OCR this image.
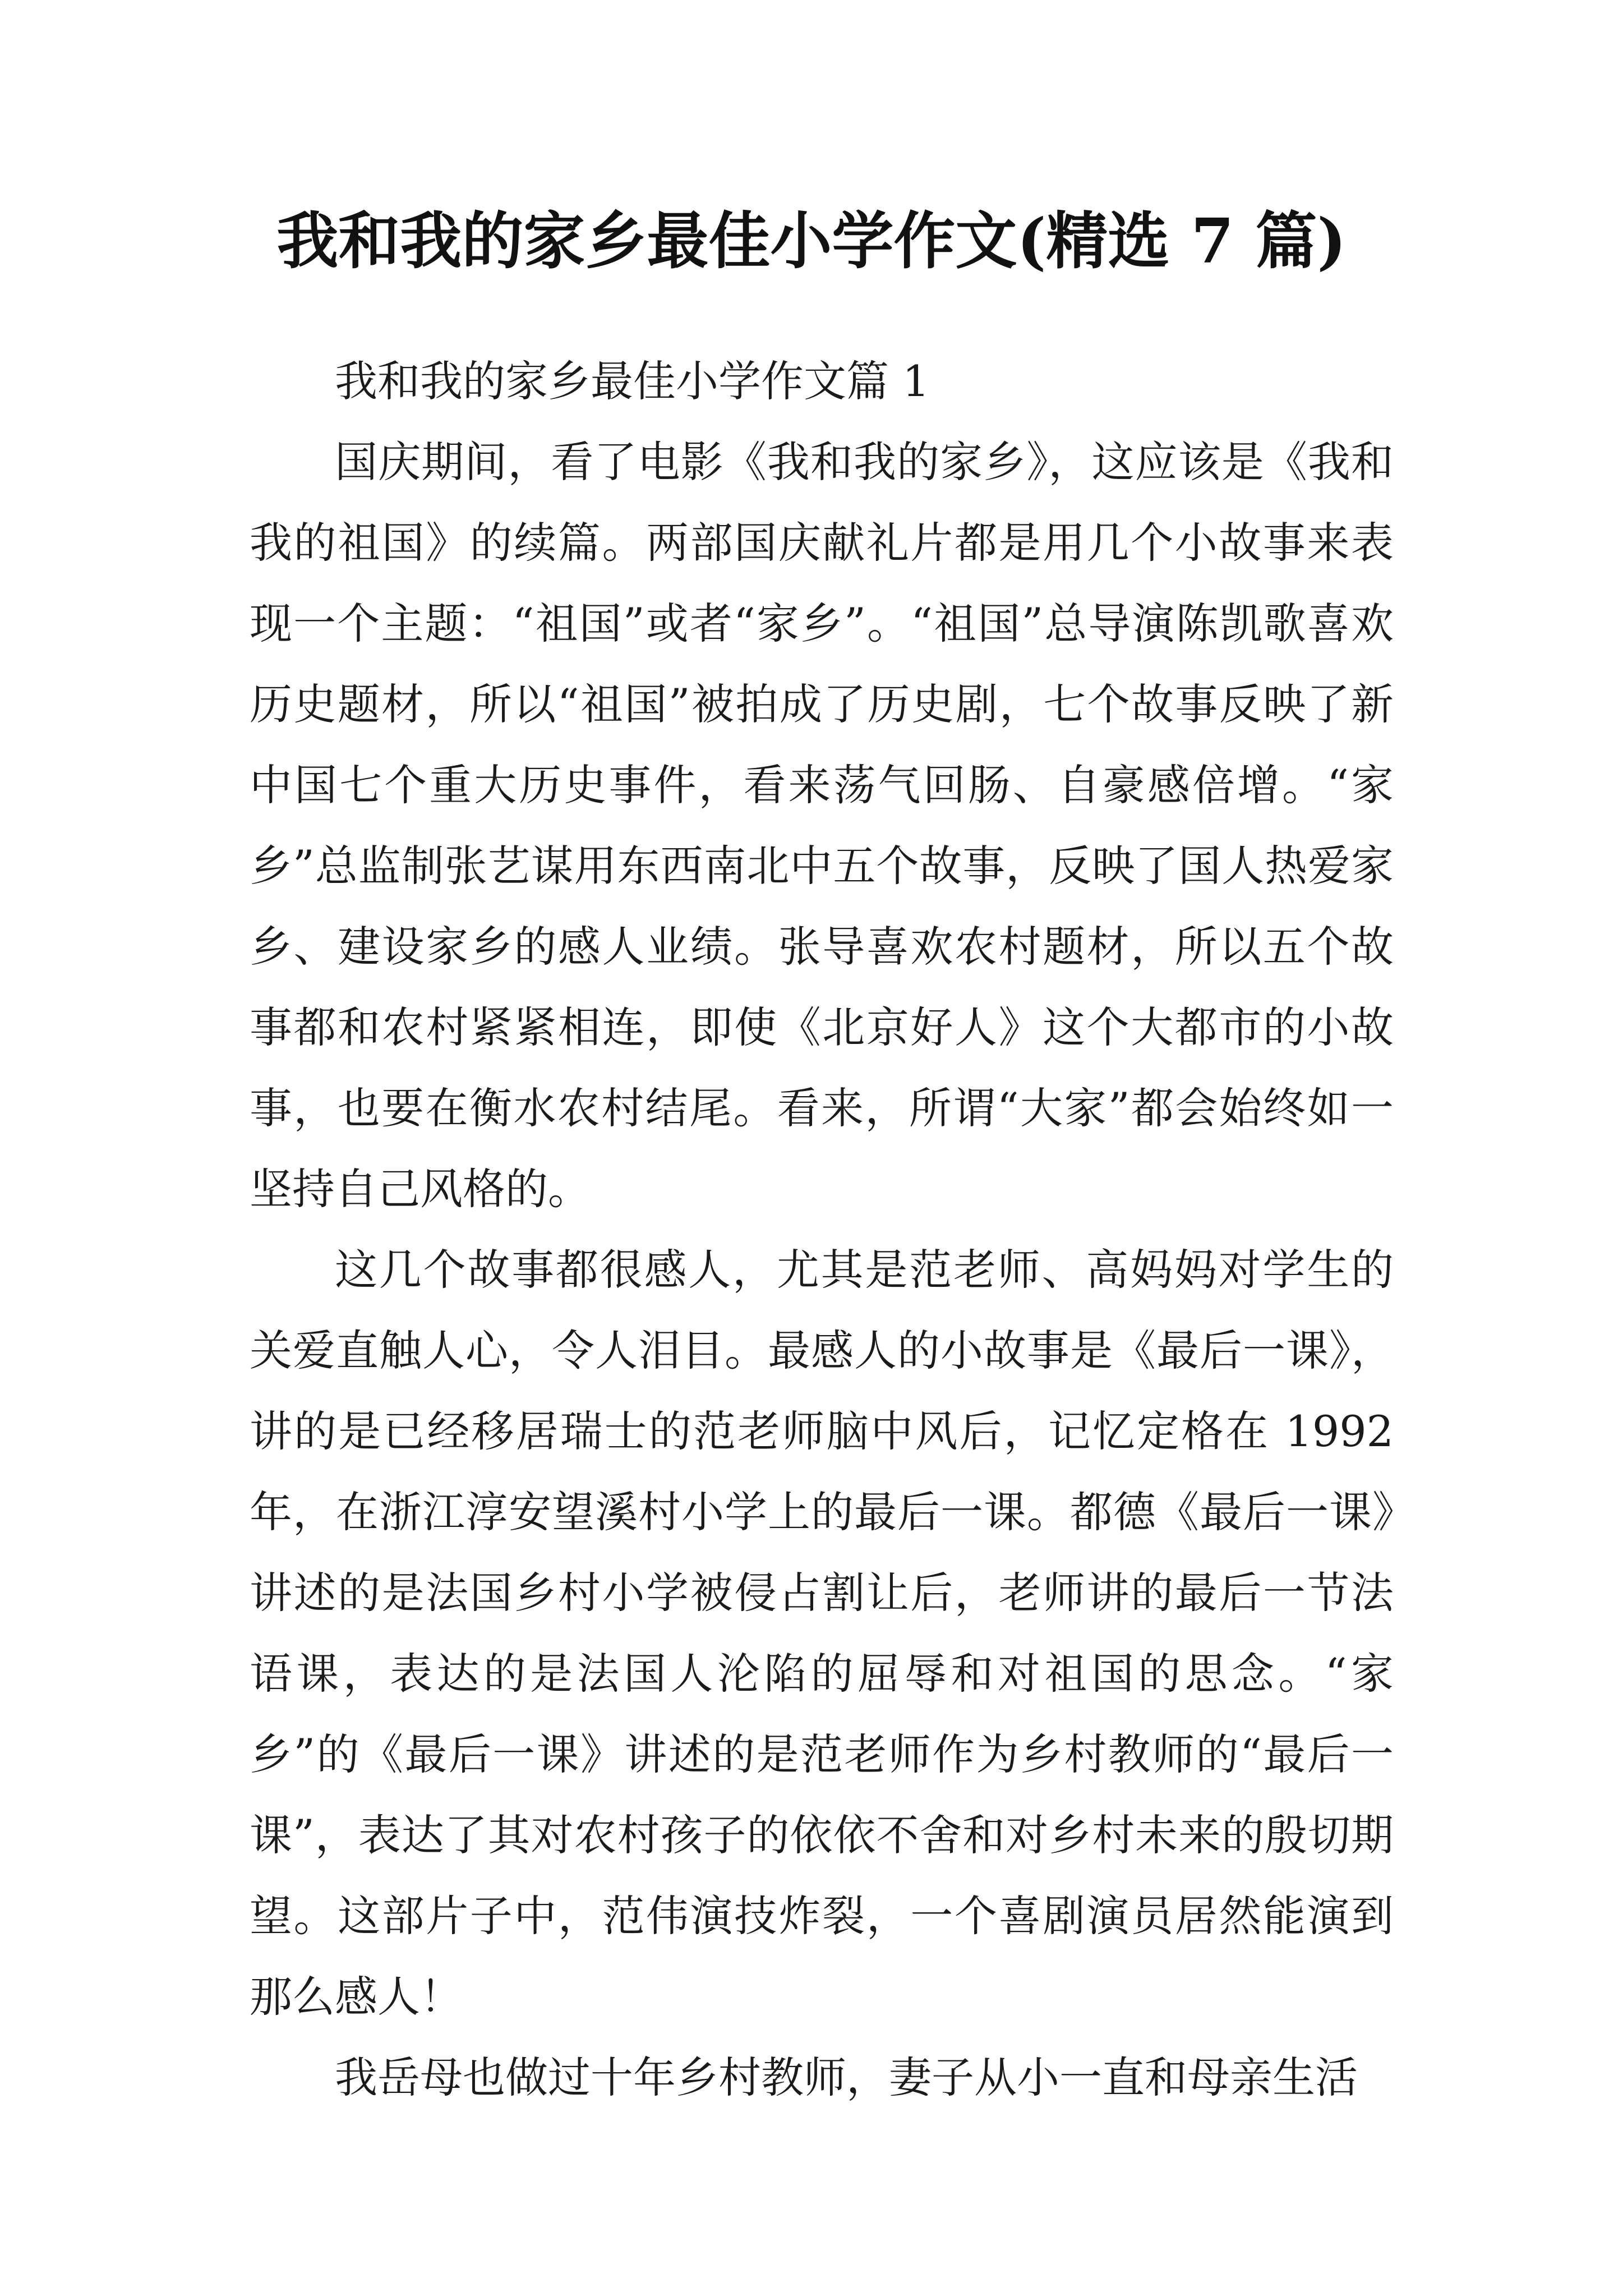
我和我的家乡最佳小学作文(精选 7 篇)

我和我的家乡最佳小学作文篇 1

国庆期间，看了电影《我和我的家乡》，这应该是《我和我的祖国》的续篇。两部国庆献礼片都是用几个小故事来表现一个主题：“祖国”或者“家乡”。“祖国”总导演陈凯歌喜欢历史题材，所以“祖国”被拍成了历史剧，七个故事反映了新中国七个重大历史事件，看来荡气回肠、自豪感倍增。“家乡”总监制张艺谋用东西南北中五个故事，反映了国人热爱家乡、建设家乡的感人业绩。张导喜欢农村题材，所以五个故事都和农村紧紧相连，即使《北京好人》这个大都市的小故事，也要在衡水农村结尾。看来，所谓“大家”都会始终如一坚持自己风格的。

这几个故事都很感人，尤其是范老师、高妈妈对学生的关爱直触人心，令人泪目。最感人的小故事是《最后一课》，讲的是已经移居瑞士的范老师脑中风后，记忆定格在 1992 年，在浙江淳安望溪村小学上的最后一课。都德《最后一课》讲述的是法国乡村小学被侵占割让后，老师讲的最后一节法语课，表达的是法国人沦陷的屈辱和对祖国的思念。“家乡”的《最后一课》讲述的是范老师作为乡村教师的“最后一课”，表达了其对农村孩子的依依不舍和对乡村未来的殷切期望。这部片子中，范伟演技炸裂，一个喜剧演员居然能演到那么感人！

我岳母也做过十年乡村教师，妻子从小一直和母亲生活
